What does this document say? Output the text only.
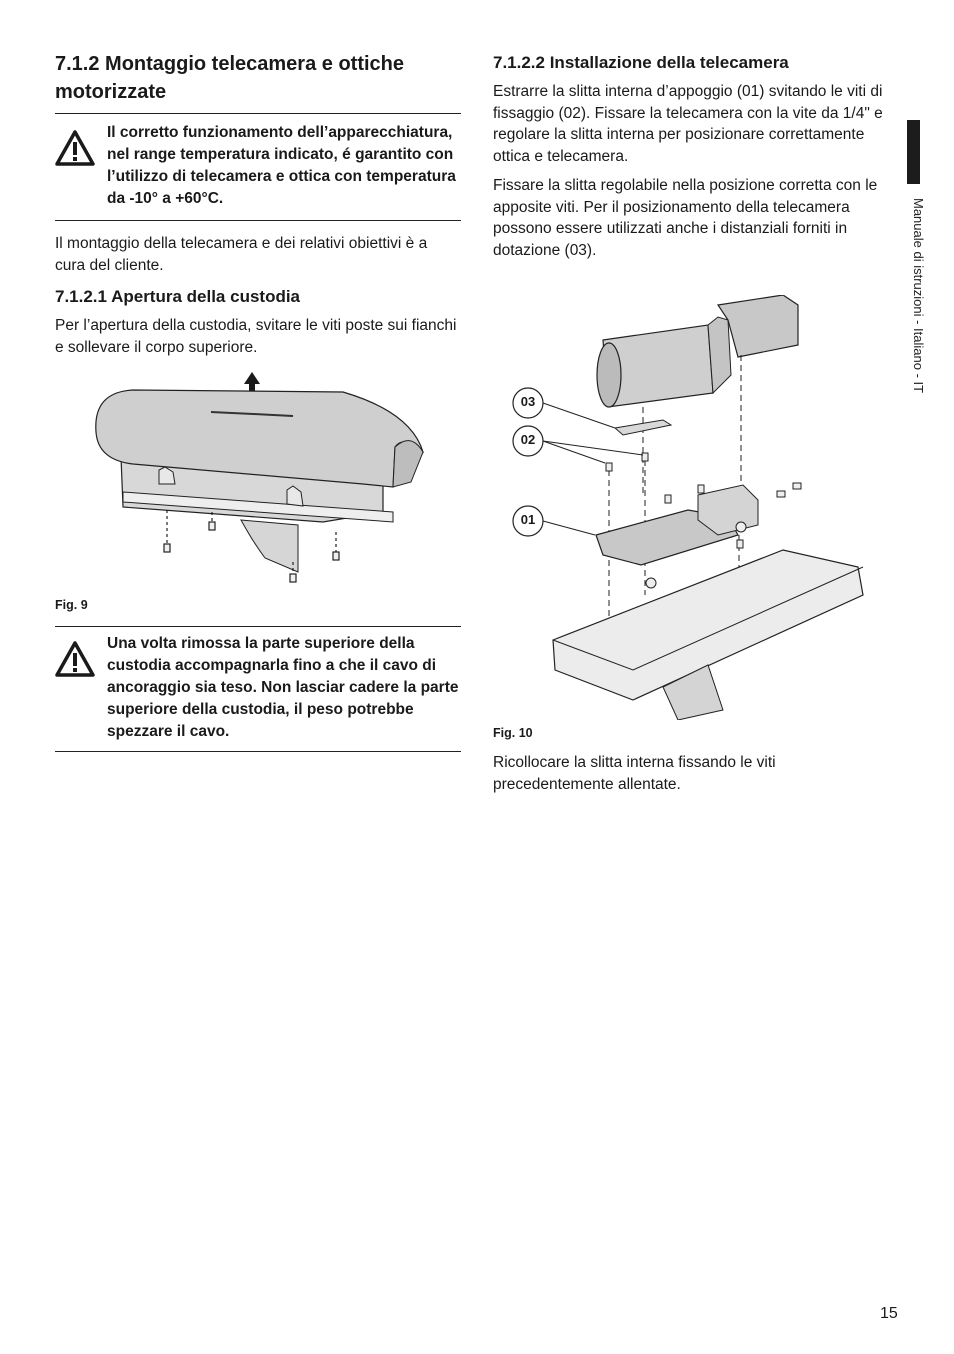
7.1.2 Montaggio telecamera e ottiche motorizzate
Il corretto funzionamento dell’apparecchiatura, nel range temperatura indicato, é garantito con l’utilizzo di telecamera e ottica con temperatura da -10° a +60°C.

Il montaggio della telecamera e dei relativi obiettivi è a cura del cliente.

7.1.2.1 Apertura della custodia

Per l’apertura della custodia, svitare le viti poste sui fianchi e sollevare il corpo superiore.

Fig. 9
Una volta rimossa la parte superiore della custodia accompagnarla fino a che il cavo di ancoraggio sia teso. Non lasciar cadere la parte superiore della custodia, il peso potrebbe spezzare il cavo.
7.1.2.2 Installazione della telecamera

Estrarre la slitta interna d’appoggio (01) svitando le viti di fissaggio (02). Fissare la telecamera con la vite da 1/4" e regolare la slitta interna per posizionare correttamente ottica e telecamera.

Fissare la slitta regolabile nella posizione corretta con le apposite viti. Per il posizionamento della telecamera possono essere utilizzati anche i distanziali forniti in dotazione (03).

03
02
01
Fig. 10

Ricollocare la slitta interna fissando le viti precedentemente allentate.

Manuale di istruzioni - Italiano - IT
15
